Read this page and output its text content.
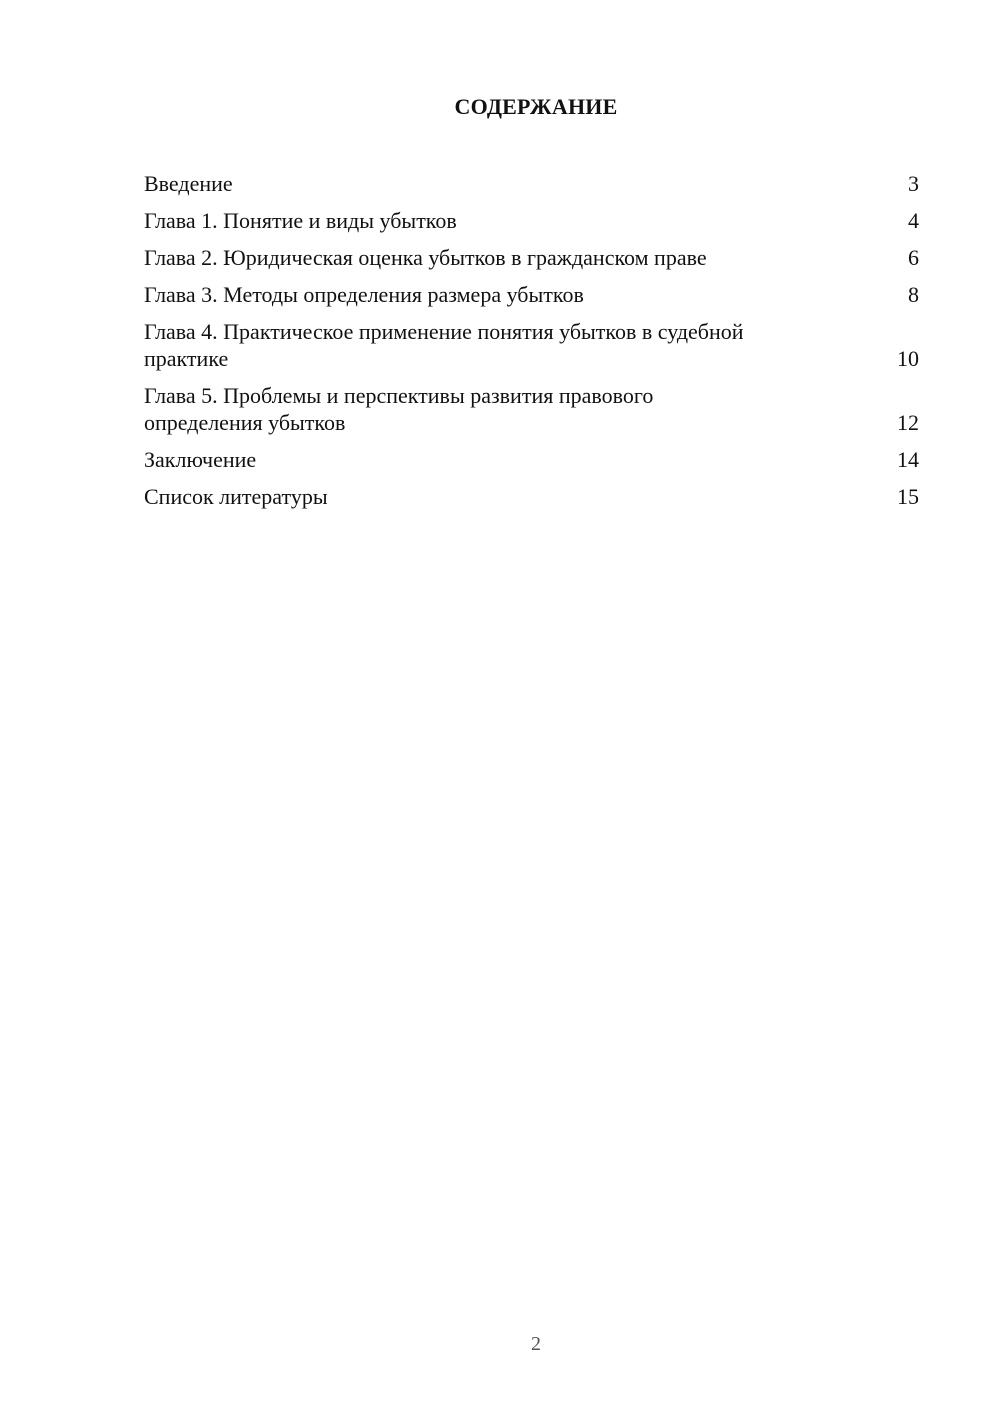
СОДЕРЖАНИЕ
Введение	3
Глава 1. Понятие и виды убытков	4
Глава 2. Юридическая оценка убытков в гражданском праве	6
Глава 3. Методы определения размера убытков	8
Глава 4. Практическое применение понятия убытков в судебной практике	10
Глава 5. Проблемы и перспективы развития правового определения убытков	12
Заключение	14
Список литературы	15
2
